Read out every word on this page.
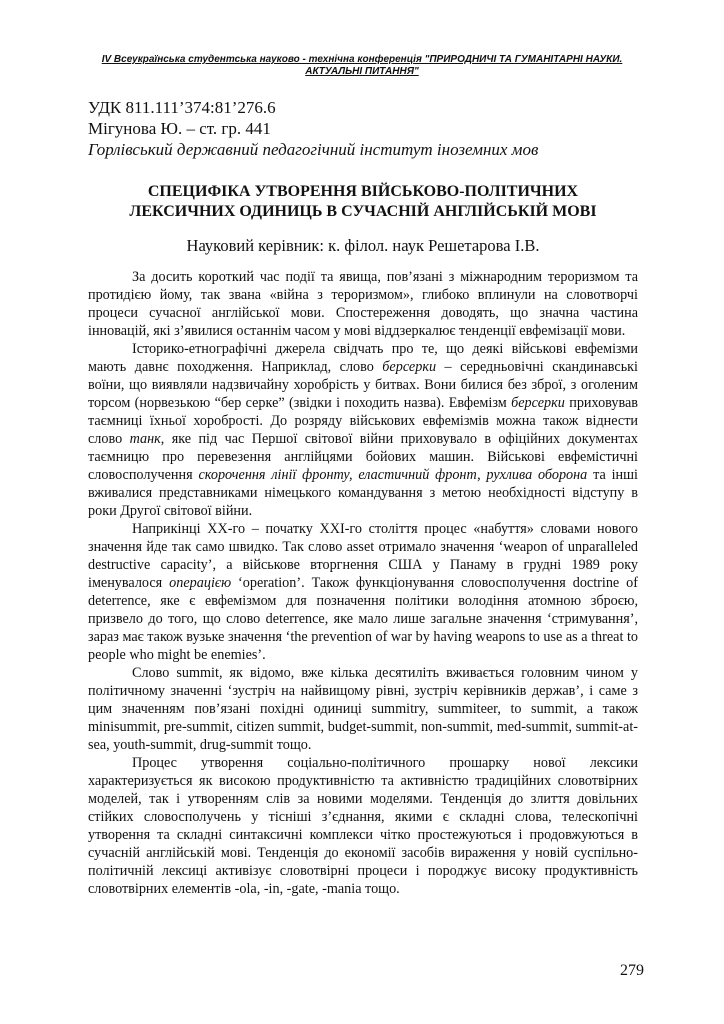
IV Всеукраїнська студентська науково - технічна конференція "ПРИРОДНИЧІ ТА ГУМАНІТАРНІ НАУКИ.
АКТУАЛЬНІ ПИТАННЯ"
УДК 811.111’374:81’276.6
Мігунова Ю. – ст. гр. 441
Горлівський державний педагогічний інститут іноземних мов
СПЕЦИФІКА УТВОРЕННЯ ВІЙСЬКОВО-ПОЛІТИЧНИХ
ЛЕКСИЧНИХ ОДИНИЦЬ В СУЧАСНІЙ АНГЛІЙСЬКІЙ МОВІ
Науковий керівник: к. філол. наук Решетарова І.В.

За досить короткий час події та явища, пов’язані з міжнародним тероризмом та протидією йому, так звана «війна з тероризмом», глибоко вплинули на словотворчі процеси сучасної англійської мови. Спостереження доводять, що значна частина інновацій, які з’явилися останнім часом у мові віддзеркалює тенденції евфемізації мови.

Історико-етнографічні джерела свідчать про те, що деякі військові евфемізми мають давнє походження. Наприклад, слово берсерки – середньовічні скандинавські воїни, що виявляли надзвичайну хоробрість у битвах. Вони билися без зброї, з оголеним торсом (норвезькою “бер серке” (звідки і походить назва). Евфемізм берсерки приховував таємниці їхньої хоробрості. До розряду військових евфемізмів можна також віднести слово танк, яке під час Першої світової війни приховувало в офіційних документах таємницю про перевезення англійцями бойових машин. Військові евфемістичні словосполучення скорочення лінії фронту, еластичний фронт, рухлива оборона та інші вживалися представниками німецького командування з метою необхідності відступу в роки Другої світової війни.

Наприкінці ХХ-го – початку ХХІ-го століття процес «набуття» словами нового значення йде так само швидко. Так слово asset отримало значення ‘weapon of unparalleled destructive capacity’, а військове вторгнення США у Панаму в грудні 1989 року іменувалося операцією ‘operation’. Також функціонування словосполучення doctrine of deterrence, яке є евфемізмом для позначення політики володіння атомною зброєю, призвело до того, що слово deterrence, яке мало лише загальне значення ‘стримування’, зараз має також вузьке значення ‘the prevention of war by having weapons to use as a threat to people who might be enemies’.

Слово summit, як відомо, вже кілька десятиліть вживається головним чином у політичному значенні ‘зустріч на найвищому рівні, зустріч керівників держав’, і саме з цим значенням пов’язані похідні одиниці summitry, summiteer, to summit, а також minisummit, pre-summit, citizen summit, budget-summit, non-summit, med-summit, summit-at-sea, youth-summit, drug-summit тощо.

Процес утворення соціально-політичного прошарку нової лексики характеризується як високою продуктивністю та активністю традиційних словотвірних моделей, так і утворенням слів за новими моделями. Тенденція до злиття довільних стійких словосполучень у тісніші з’єднання, якими є складні слова, телескопічні утворення та складні синтаксичні комплекси чітко простежуються і продовжуються в сучасній англійській мові. Тенденція до економії засобів вираження у новій суспільно-політичній лексиці активізує словотвірні процеси і породжує високу продуктивність словотвірних елементів -ola, -in, -gate, -mania тощо.

279
